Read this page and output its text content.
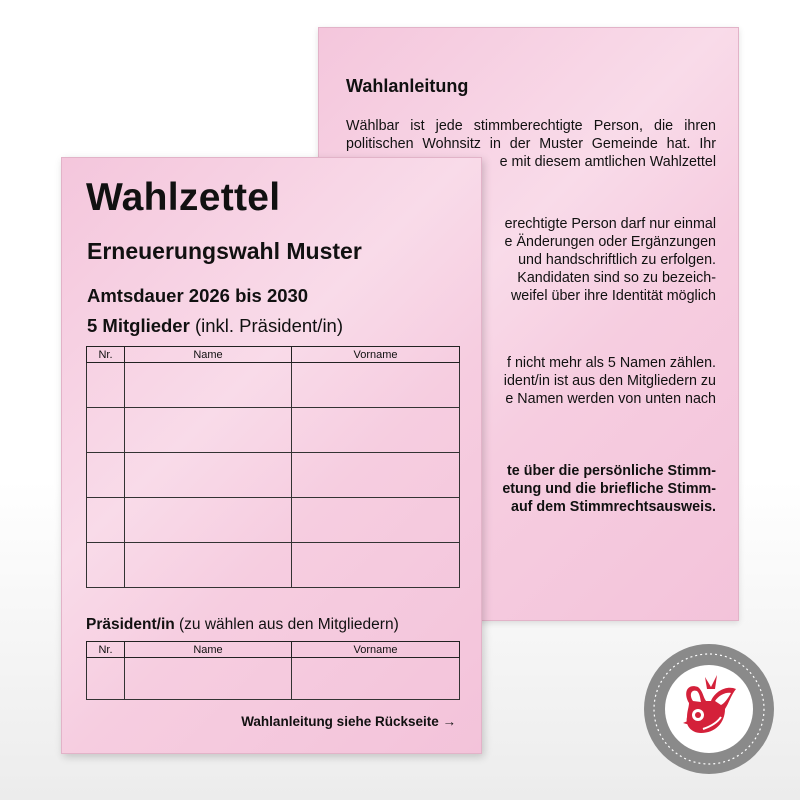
Wahlanleitung
Wählbar ist jede stimmberechtigte Person, die ihren
politischen Wohnsitz in der Muster Gemeinde hat. Ihr
e mit diesem amtlichen Wahlzettel
erechtigte Person darf nur einmal
e Änderungen oder Ergänzungen
und handschriftlich zu erfolgen.
Kandidaten sind so zu bezeich-
weifel über ihre Identität möglich
f nicht mehr als 5 Namen zählen.
ident/in ist aus den Mitgliedern zu
e Namen werden von unten nach
te über die persönliche Stimm-
etung und die briefliche Stimm-
auf dem Stimmrechtsausweis.
Wahlzettel
Erneuerungswahl Muster
Amtsdauer 2026 bis 2030
5 Mitglieder (inkl. Präsident/in)
Nr.	Name	Vorname

Präsident/in (zu wählen aus den Mitgliedern)
Nr.	Name	Vorname

Wahlanleitung siehe Rückseite →
